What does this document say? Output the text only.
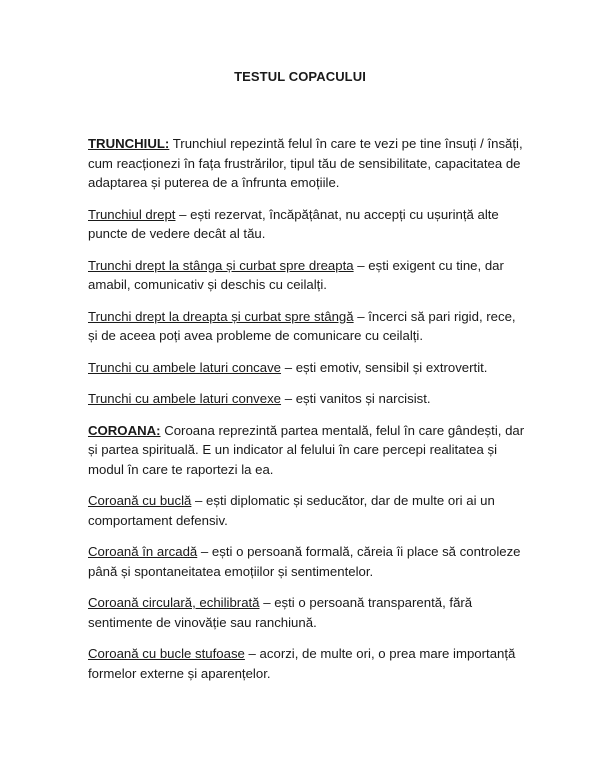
TESTUL COPACULUI

TRUNCHIUL: Trunchiul repezintă felul în care te vezi pe tine însuți / însăți, cum reacționezi în fața frustrărilor, tipul tău de sensibilitate, capacitatea de adaptarea și puterea de a înfrunta emoțiile.

Trunchiul drept – ești rezervat, încăpățânat, nu accepți cu ușurință alte puncte de vedere decât al tău.

Trunchi drept la stânga și curbat spre dreapta – ești exigent cu tine, dar amabil, comunicativ și deschis cu ceilalți.

Trunchi drept la dreapta și curbat spre stângă – încerci să pari rigid, rece, și de aceea poți avea probleme de comunicare cu ceilalți.

Trunchi cu ambele laturi concave – ești emotiv, sensibil și extrovertit.

Trunchi cu ambele laturi convexe – ești vanitos și narcisist.

COROANA: Coroana reprezintă partea mentală, felul în care gândești, dar și partea spirituală. E un indicator al felului în care percepi realitatea și modul în care te raportezi la ea.

Coroană cu buclă – ești diplomatic și seducător, dar de multe ori ai un comportament defensiv.

Coroană în arcadă – ești o persoană formală, căreia îi place să controleze până și spontaneitatea emoțiilor și sentimentelor.

Coroană circulară, echilibrată – ești o persoană transparentă, fără sentimente de vinovăție sau ranchiună.

Coroană cu bucle stufoase – acorzi, de multe ori, o prea mare importanță formelor externe și aparențelor.
